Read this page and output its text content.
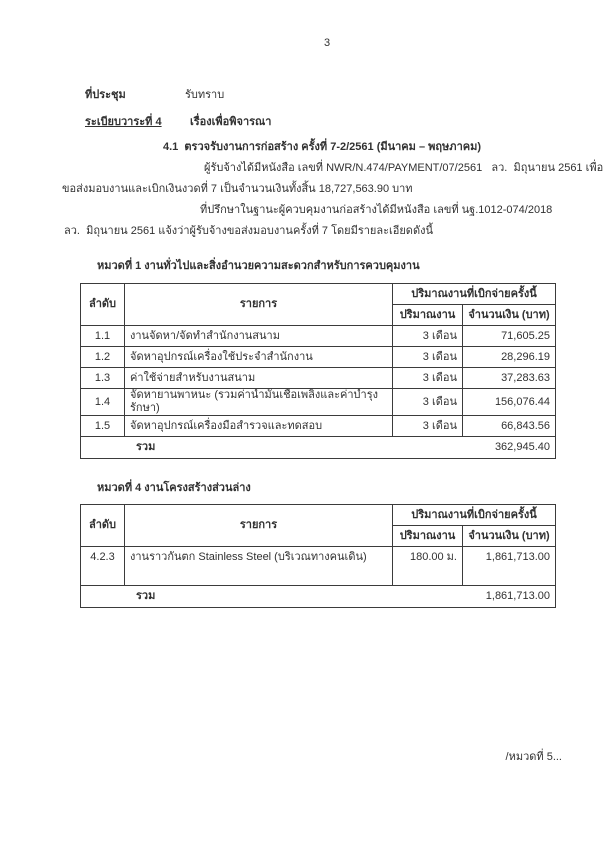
3
ที่ประชุม	รับทราบ
ระเบียบวาระที่ 4	เรื่องเพื่อพิจารณา
4.1  ตรวจรับงานการก่อสร้าง ครั้งที่ 7-2/2561 (มีนาคม – พฤษภาคม)
ผู้รับจ้างได้มีหนังสือ เลขที่ NWR/N.474/PAYMENT/07/2561   ลว.  มิถุนายน 2561 เพื่อ
ขอส่งมอบงานและเบิกเงินงวดที่ 7 เป็นจำนวนเงินทั้งสิ้น 18,727,563.90 บาท
ที่ปรึกษาในฐานะผู้ควบคุมงานก่อสร้างได้มีหนังสือ เลขที่ นฐ.1012-074/2018
ลว.  มิถุนายน 2561 แจ้งว่าผู้รับจ้างขอส่งมอบงานครั้งที่ 7 โดยมีรายละเอียดดังนี้
หมวดที่ 1 งานทั่วไปและสิ่งอำนวยความสะดวกสำหรับการควบคุมงาน
ลำดับ	รายการ	ปริมาณงานที่เบิกจ่ายครั้งนี้	
		ปริมาณงาน	จำนวนเงิน (บาท)
1.1	งานจัดหา/จัดทำสำนักงานสนาม	3 เดือน	71,605.25
1.2	จัดหาอุปกรณ์เครื่องใช้ประจำสำนักงาน	3 เดือน	28,296.19
1.3	ค่าใช้จ่ายสำหรับงานสนาม	3 เดือน	37,283.63
1.4	จัดหายานพาหนะ (รวมค่าน้ำมันเชื้อเพลิงและค่าบำรุงรักษา)	3 เดือน	156,076.44
1.5	จัดหาอุปกรณ์เครื่องมือสำรวจและทดสอบ	3 เดือน	66,843.56

รวม 362,945.40			
หมวดที่ 4 งานโครงสร้างส่วนล่าง
ลำดับ	รายการ	ปริมาณงานที่เบิกจ่ายครั้งนี้	
		ปริมาณงาน	จำนวนเงิน (บาท)
4.2.3	งานราวกันตก Stainless Steel (บริเวณทางคนเดิน)	180.00 ม.	1,861,713.00

รวม 1,861,713.00			
/หมวดที่ 5...
